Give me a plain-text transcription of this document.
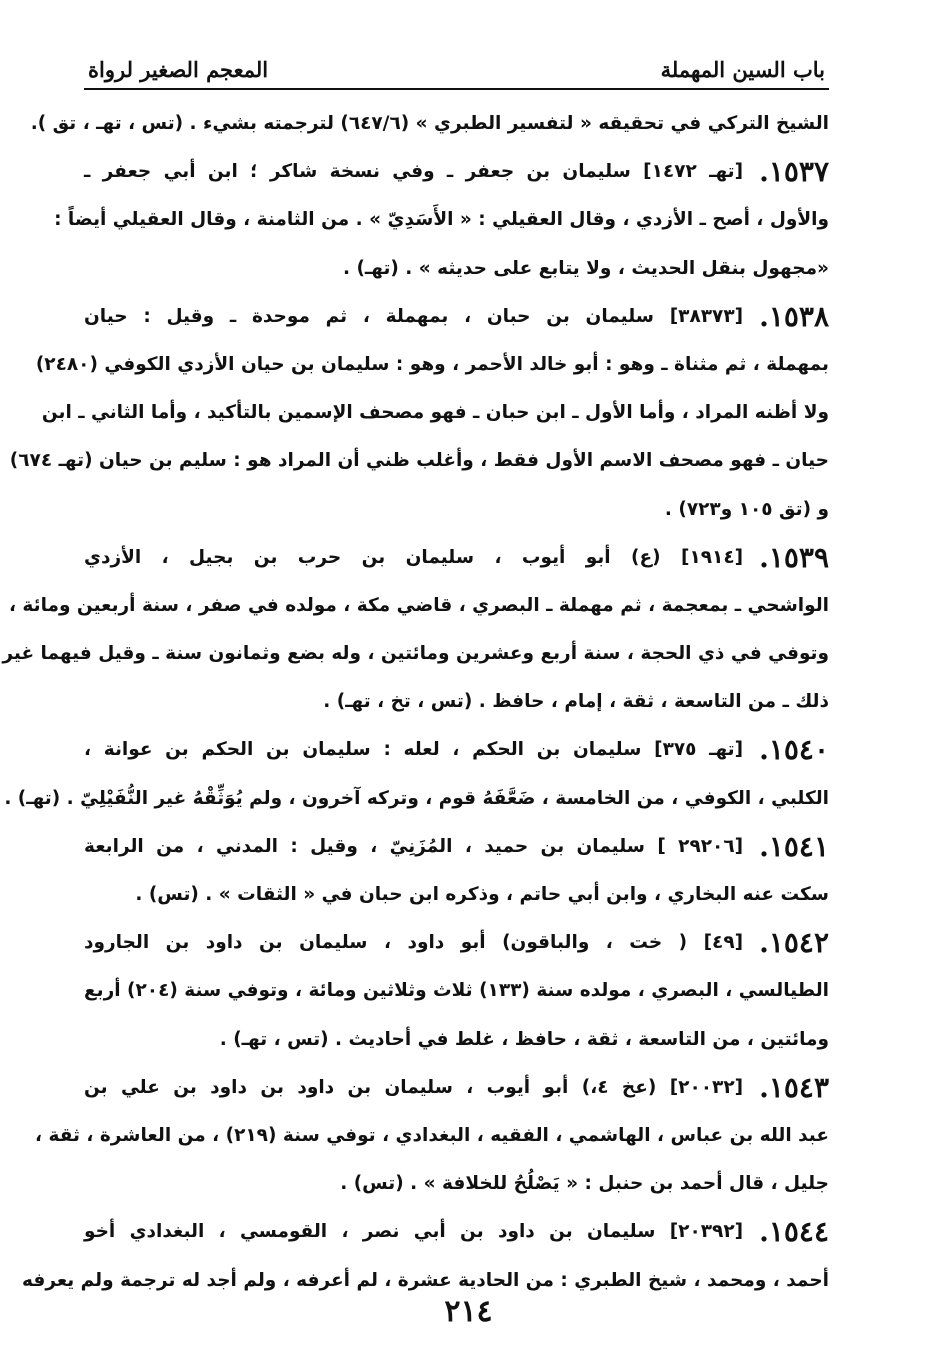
باب السين المهملة
المعجم الصغير لرواة
الشيخ التركي في تحقيقه « لتفسير الطبري » (٦٤٧/٦) لترجمته بشيء . (تس ، تهـ ، تق ).
١٥٣٧.
[تهـ ١٤٧٢] سليمان بن جعفر ـ وفي نسخة شاكر ؛ ابن أبي جعفر ـ
والأول ، أصح ـ الأزدي ، وقال العقيلي : « الأَسَدِيّ » . من الثامنة ، وقال العقيلي أيضاً :
«مجهول بنقل الحديث ، ولا يتابع على حديثه » . (تهـ) .
١٥٣٨.
[٣٨٣٧٣] سليمان بن حبان ، بمهملة ، ثم موحدة ـ وقيل : حيان
بمهملة ، ثم مثناة ـ وهو : أبو خالد الأحمر ، وهو : سليمان بن حيان الأزدي الكوفي (٢٤٨٠)
ولا أظنه المراد ، وأما الأول ـ ابن حبان ـ فهو مصحف الإسمين بالتأكيد ، وأما الثاني ـ ابن
حيان ـ فهو مصحف الاسم الأول فقط ، وأغلب ظني أن المراد هو : سليم بن حيان (تهـ ٦٧٤)
و (تق ١٠٥ و٧٢٣) .
١٥٣٩.
[١٩١٤] (ع) أبو أيوب ، سليمان بن حرب بن بجيل ، الأزدي
الواشحي ـ بمعجمة ، ثم مهملة ـ البصري ، قاضي مكة ، مولده في صفر ، سنة أربعين ومائة ،
وتوفي في ذي الحجة ، سنة أربع وعشرين ومائتين ، وله بضع وثمانون سنة ـ وقيل فيهما غير
ذلك ـ من التاسعة ، ثقة ، إمام ، حافظ . (تس ، تخ ، تهـ) .
١٥٤٠.
[تهـ ٣٧٥] سليمان بن الحكم ، لعله : سليمان بن الحكم بن عوانة ،
الكلبي ، الكوفي ، من الخامسة ، ضَعَّفَهُ قوم ، وتركه آخرون ، ولم يُوَثِّقْهُ غير النُّفَيْلِيّ . (تهـ) .
١٥٤١.
[٢٩٢٠٦ ] سليمان بن حميد ، المُزَنِيّ ، وقيل : المدني ، من الرابعة
سكت عنه البخاري ، وابن أبي حاتم ، وذكره ابن حبان في « الثقات » . (تس) .
١٥٤٢.
[٤٩] ( خت ، والباقون) أبو داود ، سليمان بن داود بن الجارود
الطيالسي ، البصري ، مولده سنة (١٣٣) ثلاث وثلاثين ومائة ، وتوفي سنة (٢٠٤) أربع
ومائتين ، من التاسعة ، ثقة ، حافظ ، غلط في أحاديث . (تس ، تهـ) .
١٥٤٣.
[٢٠٠٣٢] (عخ ٤،) أبو أيوب ، سليمان بن داود بن داود بن علي بن
عبد الله بن عباس ، الهاشمي ، الفقيه ، البغدادي ، توفي سنة (٢١٩) ، من العاشرة ، ثقة ،
جليل ، قال أحمد بن حنبل : « يَصْلُحُ للخلافة » . (تس) .
١٥٤٤.
[٢٠٣٩٢] سليمان بن داود بن أبي نصر ، القومسي ، البغدادي أخو
أحمد ، ومحمد ، شيخ الطبري : من الحادية عشرة ، لم أعرفه ، ولم أجد له ترجمة ولم يعرفه
٢١٤
